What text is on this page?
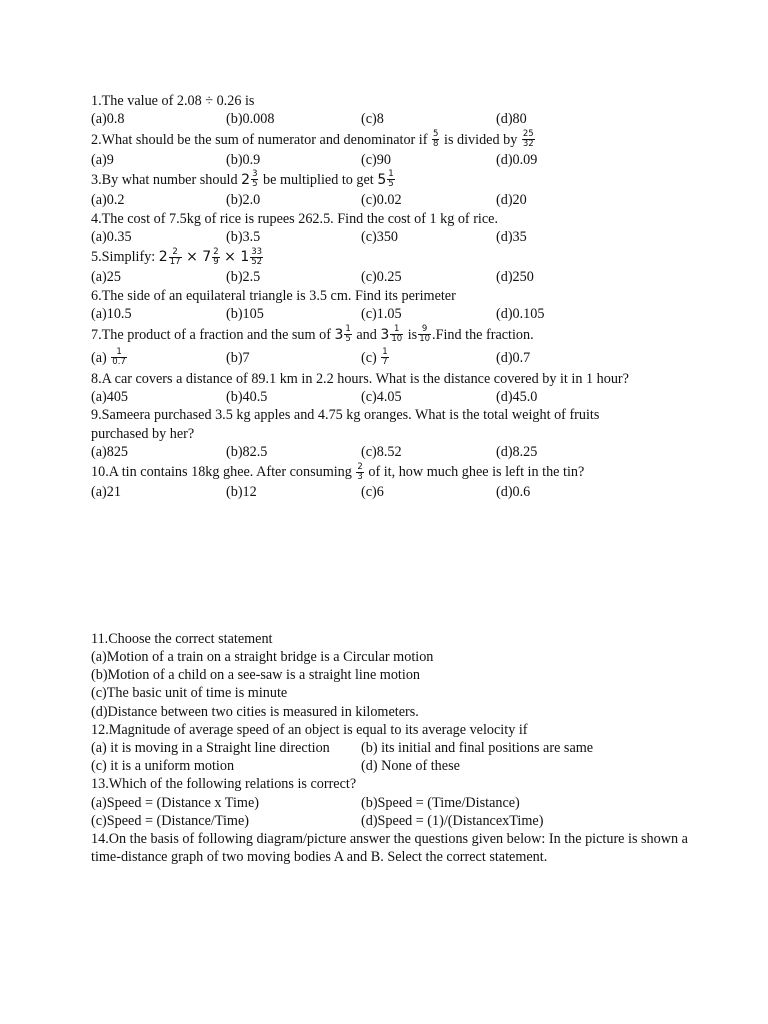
1.The value of 2.08 ÷ 0.26 is
(a)0.8	(b)0.008	(c)8	(d)80
2.What should be the sum of numerator and denominator if $\frac{5}{8}$ is divided by $\frac{25}{32}$
(a)9	(b)0.9	(c)90	(d)0.09
3.By what number should $2 \frac{3}{5}$ be multiplied to get $5 \frac{1}{5}$
(a)0.2	(b)2.0	(c)0.02	(d)20
4.The cost of 7.5kg of rice is rupees 262.5. Find the cost of 1 kg of rice.
(a)0.35	(b)3.5	(c)350	(d)35
5.Simplify: $2 \frac{2}{17} \times 7 \frac{2}{9} \times 1 \frac{33}{52}$
(a)25	(b)2.5	(c)0.25	(d)250
6.The side of an equilateral triangle is 3.5 cm. Find its perimeter
(a)10.5	(b)105	(c)1.05	(d)0.105
7.The product of a fraction and the sum of $3 \frac{1}{5}$ and $3 \frac{1}{10}$ is $\frac{9}{10}$ .Find the fraction.
$(a) \frac{1}{0.7}$	(b)7	$(c) \frac{1}{7}$	(d)0.7
8.A car covers a distance of 89.1 km in 2.2 hours. What is the distance covered by it in 1 hour?
(a)405	(b)40.5	(c)4.05	(d)45.0
9.Sameera purchased 3.5 kg apples and 4.75 kg oranges. What is the total weight of fruits
purchased by her?
(a)825	(b)82.5	(c)8.52	(d)8.25
10.A tin contains 18kg ghee. After consuming $\frac{2}{3}$ of it, how much ghee is left in the tin?
(a)21	(b)12	(c)6	(d)0.6
11.Choose the correct statement
(a)Motion of a train on a straight bridge is a Circular motion
(b)Motion of a child on a see-saw is a straight line motion
(c)The basic unit of time is minute
(d)Distance between two cities is measured in kilometers.
12.Magnitude of average speed of an object is equal to its average velocity if
(a) it is moving in a Straight line direction (b) its initial and final positions are same
(c) it is a uniform motion	(d) None of these
13.Which of the following relations is correct?
(a)Speed = (Distance x Time)	(b)Speed = (Time/Distance)
(c)Speed = (Distance/Time)	(d)Speed = (1)/(DistancexTime)
14.On the basis of following diagram/picture answer the questions given below: In the picture is shown a
time-distance graph of two moving bodies A and B. Select the correct statement.
